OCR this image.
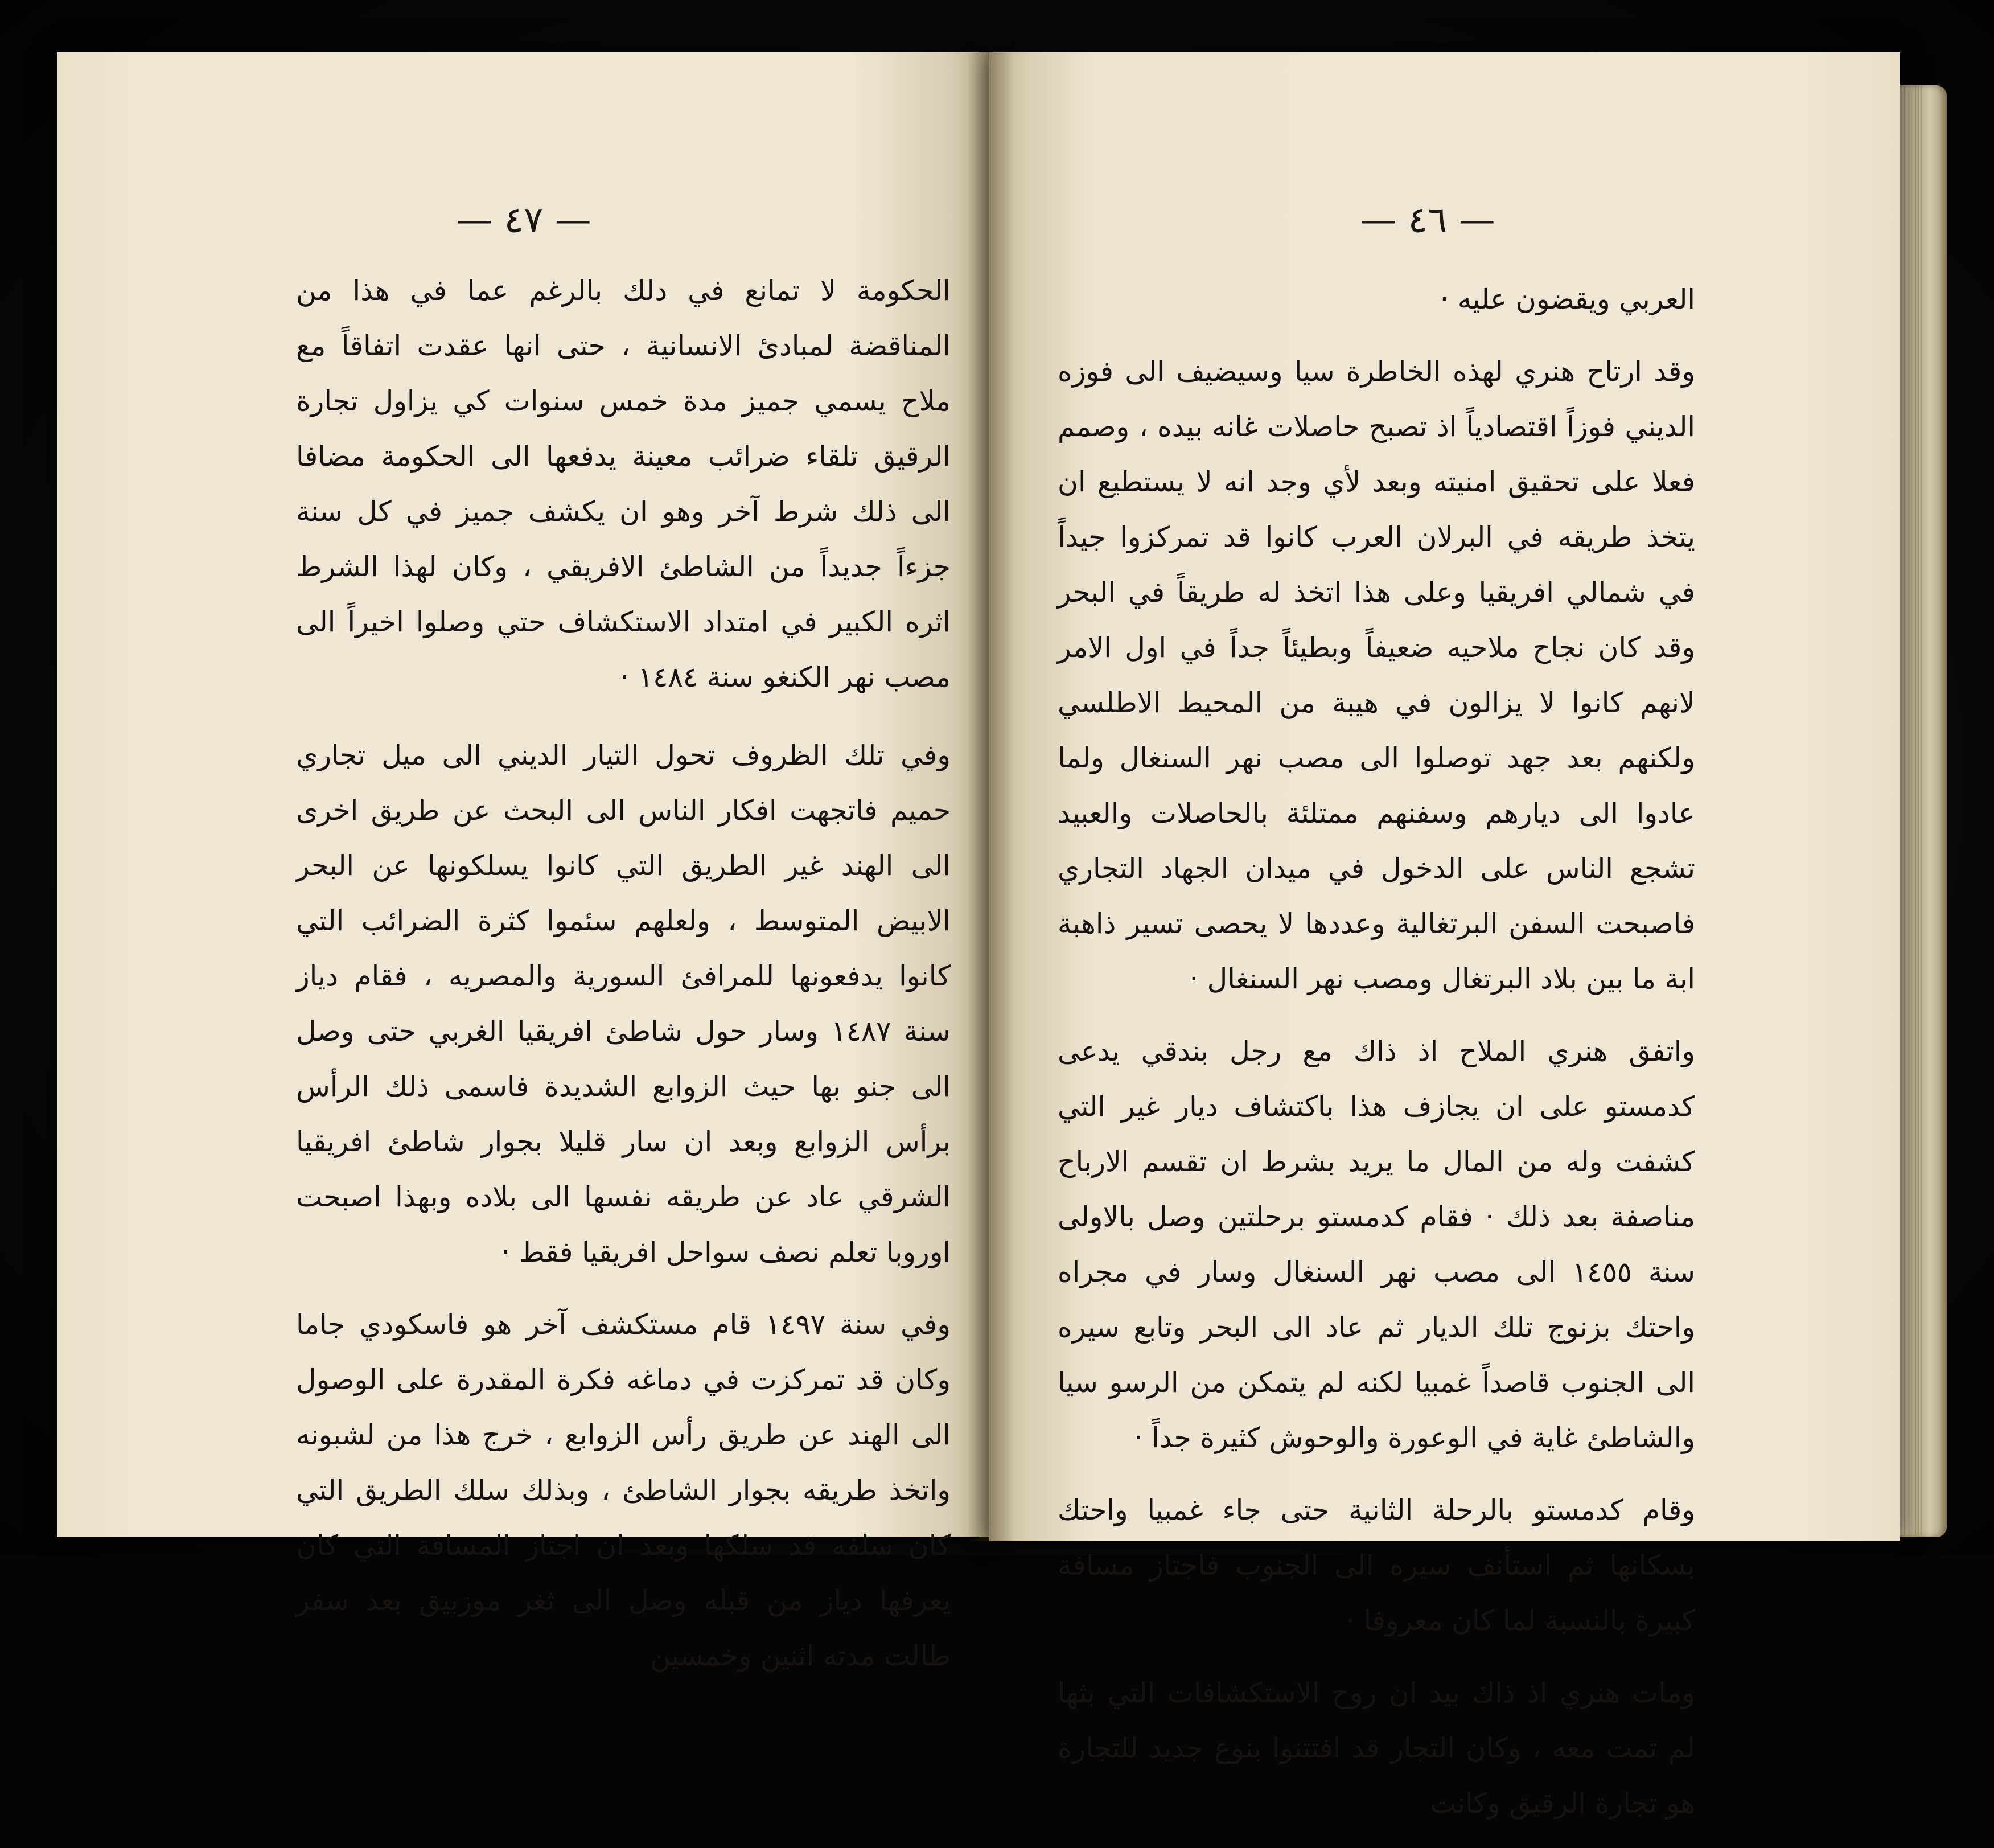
— ٤٧ —

الحكومة لا تمانع في دلك بالرغم عما في هذا من المناقضة لمبادئ الانسانية ، حتى انها عقدت اتفاقاً مع ملاح يسمي جميز مدة خمس سنوات كي يزاول تجارة الرقيق تلقاء ضرائب معينة يدفعها الى الحكومة مضافا الى ذلك شرط آخر وهو ان يكشف جميز في كل سنة جزءاً جديداً من الشاطئ الافريقي ، وكان لهذا الشرط اثره الكبير في امتداد الاستكشاف حتي وصلوا اخيراً الى مصب نهر الكنغو سنة ١٤٨٤ ·

وفي تلك الظروف تحول التيار الديني الى ميل تجاري حميم فاتجهت افكار الناس الى البحث عن طريق اخرى الى الهند غير الطريق التي كانوا يسلكونها عن البحر الابيض المتوسط ، ولعلهم سئموا كثرة الضرائب التي كانوا يدفعونها للمرافئ السورية والمصريه ، فقام دياز سنة ١٤٨٧ وسار حول شاطئ افريقيا الغربي حتى وصل الى جنو بها حيث الزوابع الشديدة فاسمى ذلك الرأس برأس الزوابع وبعد ان سار قليلا بجوار شاطئ افريقيا الشرقي عاد عن طريقه نفسها الى بلاده وبهذا اصبحت اوروبا تعلم نصف سواحل افريقيا فقط ·

وفي سنة ١٤٩٧ قام مستكشف آخر هو فاسكودي جاما وكان قد تمركزت في دماغه فكرة المقدرة على الوصول الى الهند عن طريق رأس الزوابع ، خرج هذا من لشبونه واتخذ طريقه بجوار الشاطئ ، وبذلك سلك الطريق التي كان سلفه قد سلكها وبعد ان اجتاز المسافة التي كان يعرفها دياز من قبله وصل الى ثغر موزبيق بعد سفر طالت مدته اثنين وخمسين

— ٤٦ —

العربي ويقضون عليه ·

وقد ارتاح هنري لهذه الخاطرة سيا وسيضيف الى فوزه الديني فوزاً اقتصادياً اذ تصبح حاصلات غانه بيده ، وصمم فعلا على تحقيق امنيته وبعد لأي وجد انه لا يستطيع ان يتخذ طريقه في البرلان العرب كانوا قد تمركزوا جيداً في شمالي افريقيا وعلى هذا اتخذ له طريقاً في البحر وقد كان نجاح ملاحيه ضعيفاً وبطيئاً جداً في اول الامر لانهم كانوا لا يزالون في هيبة من المحيط الاطلسي ولكنهم بعد جهد توصلوا الى مصب نهر السنغال ولما عادوا الى ديارهم وسفنهم ممتلئة بالحاصلات والعبيد تشجع الناس على الدخول في ميدان الجهاد التجاري فاصبحت السفن البرتغالية وعددها لا يحصى تسير ذاهبة ابة ما بين بلاد البرتغال ومصب نهر السنغال ·

واتفق هنري الملاح اذ ذاك مع رجل بندقي يدعى كدمستو على ان يجازف هذا باكتشاف ديار غير التي كشفت وله من المال ما يريد بشرط ان تقسم الارباح مناصفة بعد ذلك · فقام كدمستو برحلتين وصل بالاولى سنة ١٤٥٥ الى مصب نهر السنغال وسار في مجراه واحتك بزنوج تلك الديار ثم عاد الى البحر وتابع سيره الى الجنوب قاصداً غمبيا لكنه لم يتمكن من الرسو سيا والشاطئ غاية في الوعورة والوحوش كثيرة جداً ·

وقام كدمستو بالرحلة الثانية حتى جاء غمبيا واحتك بسكانها ثم استأنف سيره الى الجنوب فاجتاز مسافة كبيرة بالنسبة لما كان معروفا ·

ومات هنري اذ ذاك بيد ان روح الاستكشافات التي بثها لم تمت معه ، وكان التجار قد افتتنوا بنوع جديد للتجارة هو تجارة الرقيق وكانت
